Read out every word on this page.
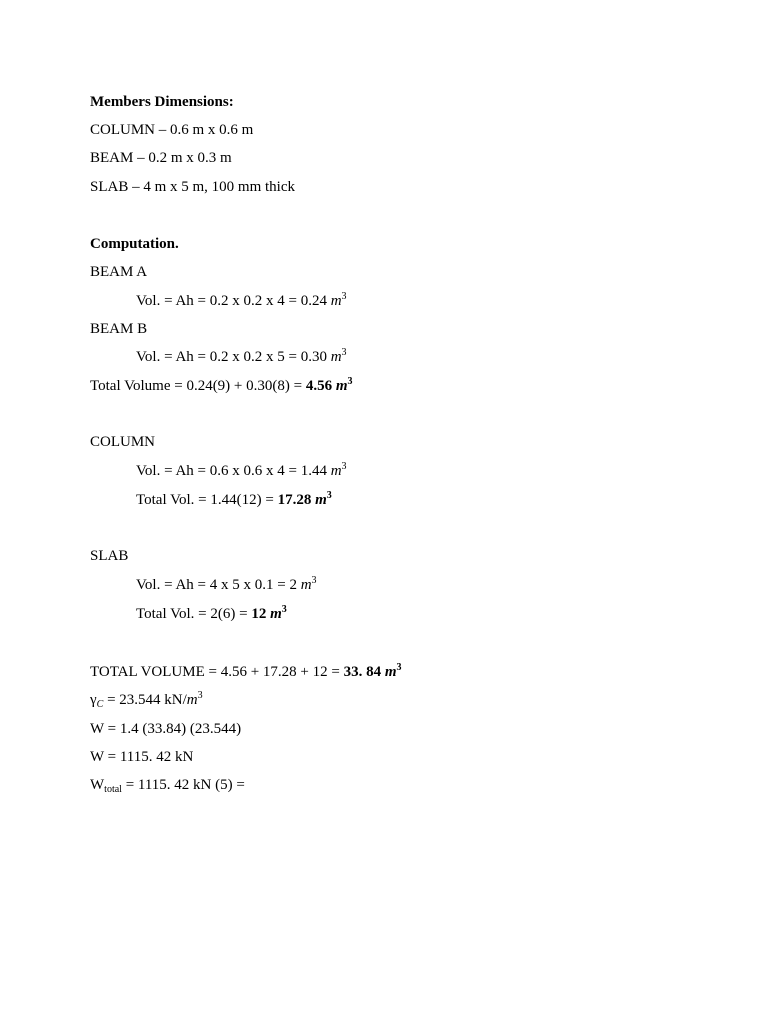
Members Dimensions:
COLUMN – 0.6 m x 0.6 m
BEAM – 0.2 m x 0.3 m
SLAB – 4 m x 5 m, 100 mm thick
Computation.
BEAM A
Vol. = Ah = 0.2 x 0.2 x 4 = 0.24 $m^3$
BEAM B
Vol. = Ah = 0.2 x 0.2 x 5 = 0.30 $m^3$
Total Volume = 0.24(9) + 0.30(8) = 4.56 $m^3$
COLUMN
Vol. = Ah = 0.6 x 0.6 x 4 = 1.44 $m^3$
Total Vol. = 1.44(12) = 17.28 $m^3$
SLAB
Vol. = Ah = 4 x 5 x 0.1 = 2 $m^3$
Total Vol. = 2(6) = 12 $m^3$
TOTAL VOLUME = 4.56 + 17.28 + 12 = 33. 84 $m^3$
$\gamma_C = 23.544$ $kN/m^3$
W = 1.4 (33.84) (23.544)
W = 1115. 42 kN
$W_{total} = 1115$. 42 kN (5) =
